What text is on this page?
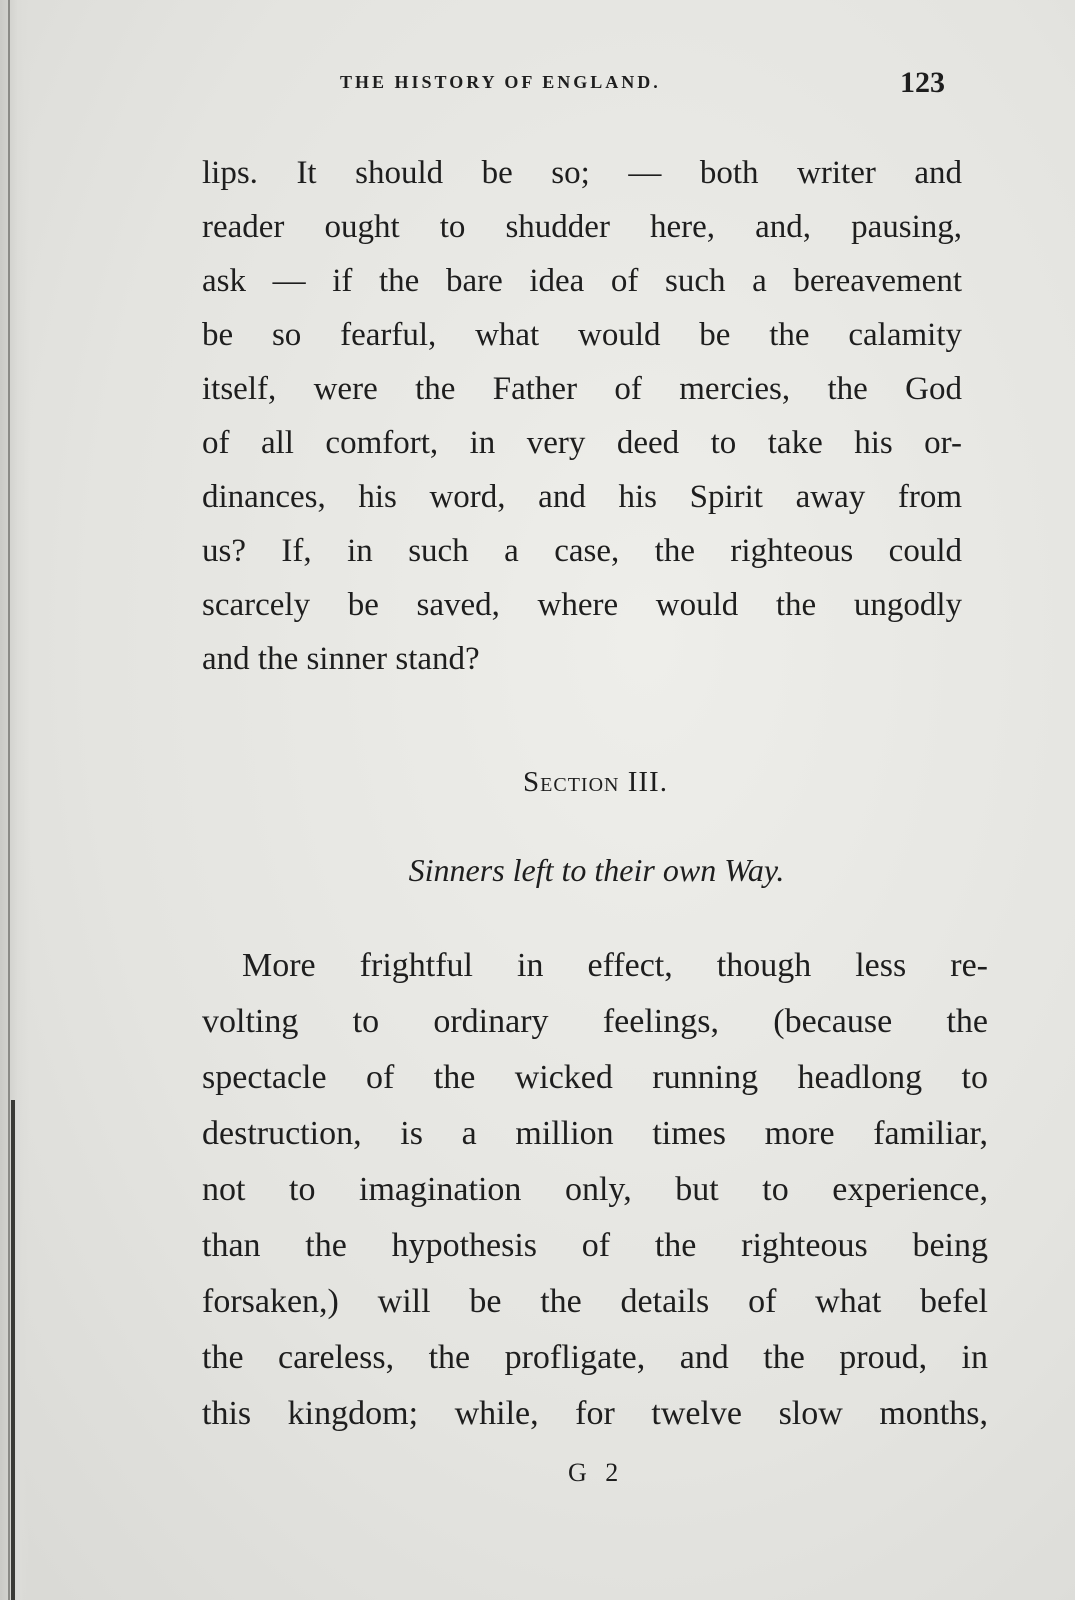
THE HISTORY OF ENGLAND.	123
lips. It should be so; — both writer and
reader ought to shudder here, and, pausing,
ask — if the bare idea of such a bereavement
be so fearful, what would be the calamity
itself, were the Father of mercies, the God
of all comfort, in very deed to take his or-
dinances, his word, and his Spirit away from
us? If, in such a case, the righteous could
scarcely be saved, where would the ungodly
and the sinner stand?
Section III.
Sinners left to their own Way.
More frightful in effect, though less re-
volting to ordinary feelings, (because the
spectacle of the wicked running headlong to
destruction, is a million times more familiar,
not to imagination only, but to experience,
than the hypothesis of the righteous being
forsaken,) will be the details of what befel
the careless, the profligate, and the proud, in
this kingdom; while, for twelve slow months,
G 2
